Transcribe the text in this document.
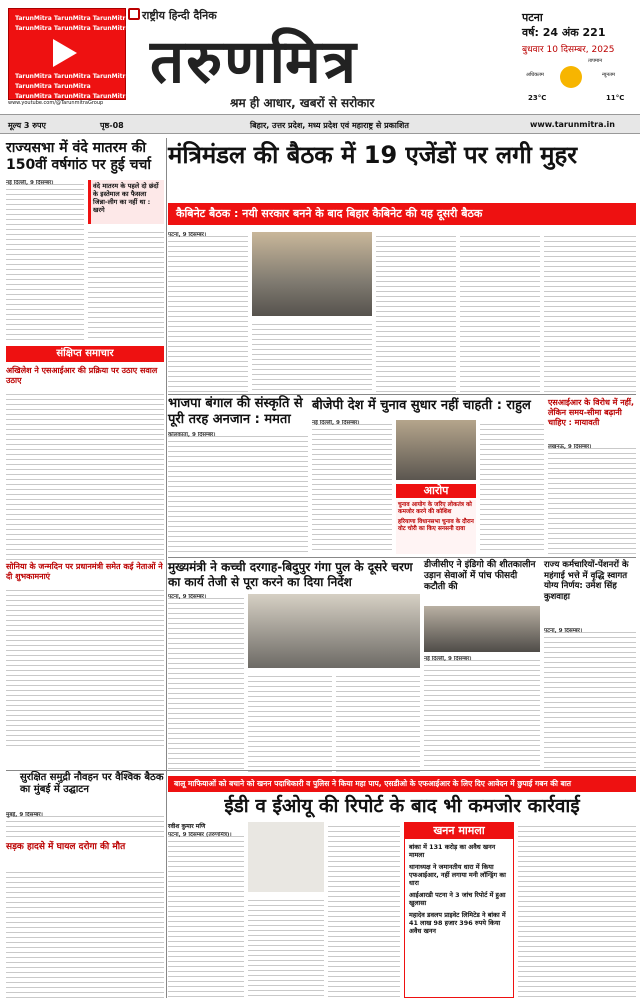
TarunMitra TarunMitra TarunMitra
TarunMitra TarunMitra TarunMitra
TarunMitra TarunMitra TarunMitra
TarunMitra TarunMitra
TarunMitra TarunMitra TarunMitra
www.youtube.com/@TarunmitraGroup
राष्ट्रीय हिन्दी दैनिक
तरुणमित्र
श्रम ही आधार, खबरों से सरोकार
पटना
वर्ष: 24 अंक 221
बुधवार 10 दिसम्बर, 2025
तापमान
अधिकतम	न्यूनतम
23°C	11°C
मूल्य 3 रुपए	पृष्ठ-08	बिहार, उत्तर प्रदेश, मध्य प्रदेश एवं महाराष्ट्र से प्रकाशित	www.tarunmitra.in
मंत्रिमंडल की बैठक में 19 एजेंडों पर लगी मुहर
कैबिनेट बैठक : नयी सरकार बनने के बाद बिहार कैबिनेट की यह दूसरी बैठक
पटना, 9 दिसम्बर।
राज्यसभा में वंदे मातरम की 150वीं वर्षगांठ पर हुई चर्चा
नई दिल्ली, 9 दिसम्बर।	वंदे मातरम के पहले दो छंदों के इस्तेमाल का फैसला जिन्ना-लीग का नहीं था : खरगे
संक्षिप्त समाचार
अखिलेश ने एसआईआर की प्रक्रिया पर उठाए सवाल उठाए
सोनिया के जन्मदिन पर प्रधानमंत्री समेत कई नेताओं ने दी शुभकामनाएं
सड़क हादसे में घायल दरोगा की मौत
भाजपा बंगाल की संस्कृति से पूरी तरह अनजान : ममता
कोलकाता, 9 दिसम्बर।
बीजेपी देश में चुनाव सुधार नहीं चाहती : राहुल
नई दिल्ली, 9 दिसम्बर।
आरोप
चुनाव आयोग के जरिए लोकतंत्र को कमजोर करने की कोशिश
हरियाणा विधानसभा चुनाव के दौरान वोट चोरी का किए सनसनी दावा
एसआईआर के विरोध में नहीं, लेकिन समय-सीमा बढ़ानी चाहिए : मायावती
लखनऊ, 9 दिसम्बर।
मुख्यमंत्री ने कच्ची दरगाह-बिदुपुर गंगा पुल के दूसरे चरण का कार्य तेजी से पूरा करने का दिया निर्देश
पटना, 9 दिसम्बर।
डीजीसीए ने इंडिगो की शीतकालीन उड़ान सेवाओं में पांच फीसदी कटौती की
नई दिल्ली, 9 दिसम्बर।
राज्य कर्मचारियों-पेंशनरों के महंगाई भत्ते में वृद्धि स्वागत योग्य निर्णय: उमेश सिंह कुशवाहा
पटना, 9 दिसम्बर।
सुरक्षित समुद्री नौवहन पर वैश्विक बैठक का मुंबई में उद्घाटन
मुंबई, 9 दिसम्बर।
बालू माफियाओं को बचाने को खनन पदाधिकारी व पुलिस ने किया महा पाप, एसडीओ के एफआईआर के लिए दिए आवेदन में छुपाई गबन की बात
ईडी व ईओयू की रिपोर्ट के बाद भी कमजोर कार्रवाई
रवीश कुमार मणि
पटना, 9 दिसम्बर (तरुणमित्र)।	खनन मामला
बांका में 131 करोड़ का अवैध खनन मामला
थानाध्यक्ष ने जमानतीय धारा में किया एफआईआर, नहीं लगाया मनी लॉन्ड्रिंग का धारा
आईआरडी पटना ने 3 जांच रिपोर्ट में हुआ खुलासा
महादेव डवलप प्राइवेट लिमिटेड ने बांका में 41 लाख 98 हजार 396 रुपये किया अवैध खनन
